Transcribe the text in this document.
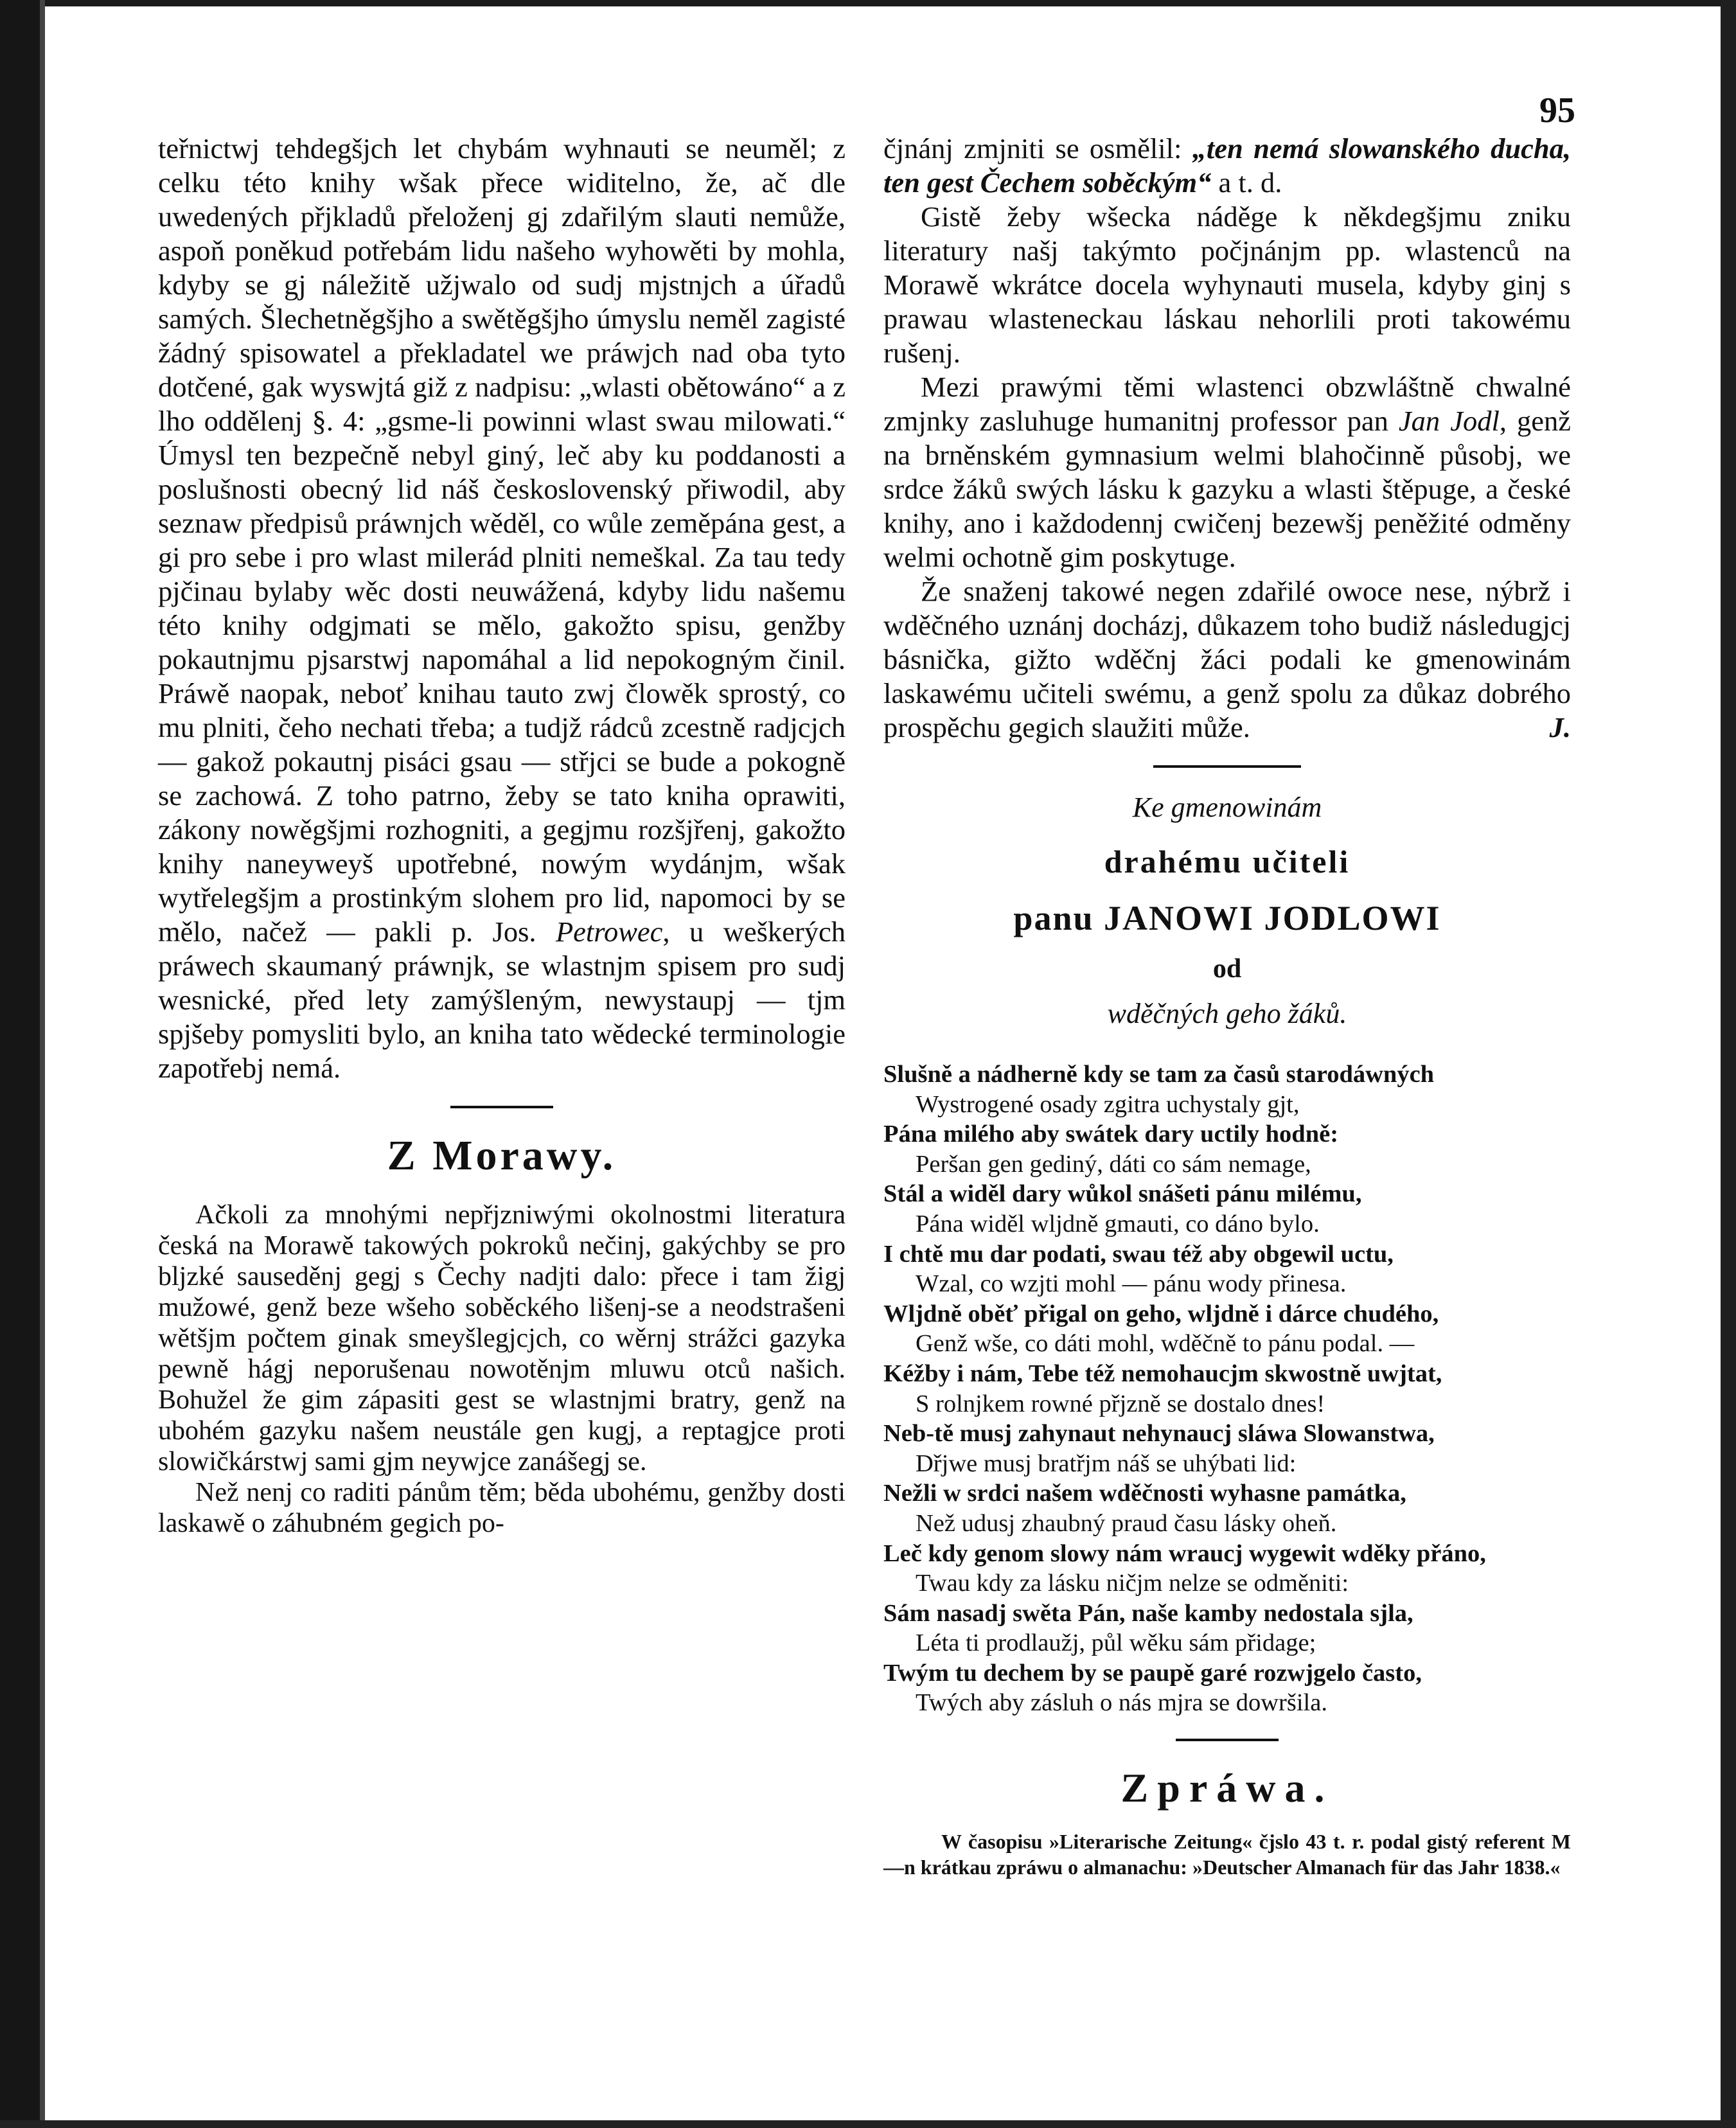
95

teřnictwj tehdegšjch let chybám wyhnauti se neuměl; z celku této knihy wšak přece widitelno, že, ač dle uwedených přjkladů přeloženj gj zdařilým slauti nemůže, aspoň poněkud potřebám lidu našeho wyhowěti by mohla, kdyby se gj náležitě užjwalo od sudj mjstnjch a úřadů samých. Šlechetněgšjho a swětěgšjho úmyslu neměl zagisté žádný spisowatel a překladatel we práwjch nad oba tyto dotčené, gak wyswjtá giž z nadpisu: „wlasti obětowáno“ a z lho oddělenj §. 4: „gsme-li powinni wlast swau milowati.“ Úmysl ten bezpečně nebyl giný, leč aby ku poddanosti a poslušnosti obecný lid náš československý přiwodil, aby seznaw předpisů práwnjch wěděl, co wůle zeměpána gest, a gi pro sebe i pro wlast milerád plniti nemeškal. Za tau tedy pjčinau bylaby wěc dosti neuwážená, kdyby lidu našemu této knihy odgjmati se mělo, gakožto spisu, genžby pokautnjmu pjsarstwj napomáhal a lid nepokogným činil. Práwě naopak, neboť knihau tauto zwj člowěk sprostý, co mu plniti, čeho nechati třeba; a tudjž rádců zcestně radjcjch — gakož pokautnj pisáci gsau — střjci se bude a pokogně se zachowá. Z toho patrno, žeby se tato kniha oprawiti, zákony nowěgšjmi rozhogniti, a gegjmu rozšjřenj, gakožto knihy naneyweyš upotřebné, nowým wydánjm, wšak wytřelegšjm a prostinkým slohem pro lid, napomoci by se mělo, načež — pakli p. Jos. Petrowec, u weškerých práwech skaumaný práwnjk, se wlastnjm spisem pro sudj wesnické, před lety zamýšleným, newystaupj — tjm spjšeby pomysliti bylo, an kniha tato wědecké terminologie zapotřebj nemá.

Z Morawy.

Ačkoli za mnohými nepřjzniwými okolnostmi literatura česká na Morawě takowých pokroků nečinj, gakýchby se pro bljzké sauseděnj gegj s Čechy nadjti dalo: přece i tam žigj mužowé, genž beze wšeho soběckého lišenj-se a neodstrašeni wětšjm počtem ginak smeyšlegjcjch, co wěrnj strážci gazyka pewně hágj neporušenau nowotěnjm mluwu otců našich. Bohužel že gim zápasiti gest se wlastnjmi bratry, genž na ubohém gazyku našem neustále gen kugj, a reptagjce proti slowičkárstwj sami gjm neywjce zanášegj se.

Než nenj co raditi pánům těm; běda ubohému, genžby dosti laskawě o záhubném gegich po-

čjnánj zmjniti se osmělil: „ten nemá slowanského ducha, ten gest Čechem soběckým“ a t. d.

Gistě žeby wšecka náděge k někdegšjmu zniku literatury našj takýmto počjnánjm pp. wlastenců na Morawě wkrátce docela wyhynauti musela, kdyby ginj s prawau wlasteneckau láskau nehorlili proti takowému rušenj.

Mezi prawými těmi wlastenci obzwláštně chwalné zmjnky zasluhuge humanitnj professor pan Jan Jodl, genž na brněnském gymnasium welmi blahočinně působj, we srdce žáků swých lásku k gazyku a wlasti štěpuge, a české knihy, ano i každodennj cwičenj bezewšj peněžité odměny welmi ochotně gim poskytuge.

Že snaženj takowé negen zdařilé owoce nese, nýbrž i wděčného uznánj docházj, důkazem toho budiž následugjcj básnička, gižto wděčnj žáci podali ke gmenowinám laskawému učiteli swému, a genž spolu za důkaz dobrého prospěchu gegich slaužiti může.	J.

Ke gmenowinám
drahému učiteli
panu JANOWI JODLOWI
od
wděčných geho žáků.
Slušně a nádherně kdy se tam za časů starodáwných
Wystrogené osady zgitra uchystaly gjt,
Pána milého aby swátek dary uctily hodně:
Peršan gen gediný, dáti co sám nemage,
Stál a widěl dary wůkol snášeti pánu milému,
Pána widěl wljdně gmauti, co dáno bylo.
I chtě mu dar podati, swau též aby obgewil uctu,
Wzal, co wzjti mohl — pánu wody přinesa.
Wljdně oběť přigal on geho, wljdně i dárce chudého,
Genž wše, co dáti mohl, wděčně to pánu podal. —
Kéžby i nám, Tebe též nemohaucjm skwostně uwjtat,
S rolnjkem rowné přjzně se dostalo dnes!
Neb-tě musj zahynaut nehynaucj sláwa Slowanstwa,
Dřjwe musj bratřjm náš se uhýbati lid:
Nežli w srdci našem wděčnosti wyhasne památka,
Než udusj zhaubný praud času lásky oheň.
Leč kdy genom slowy nám wraucj wygewit wděky přáno,
Twau kdy za lásku ničjm nelze se odměniti:
Sám nasadj swěta Pán, naše kamby nedostala sjla,
Léta ti prodlaužj, půl wěku sám přidage;
Twým tu dechem by se paupě garé rozwjgelo často,
Twých aby zásluh o nás mjra se dowršila.
Zpráwa.

W časopisu »Literarische Zeitung« čjslo 43 t. r. podal gistý referent M—n krátkau zpráwu o almanachu: »Deutscher Almanach für das Jahr 1838.«
